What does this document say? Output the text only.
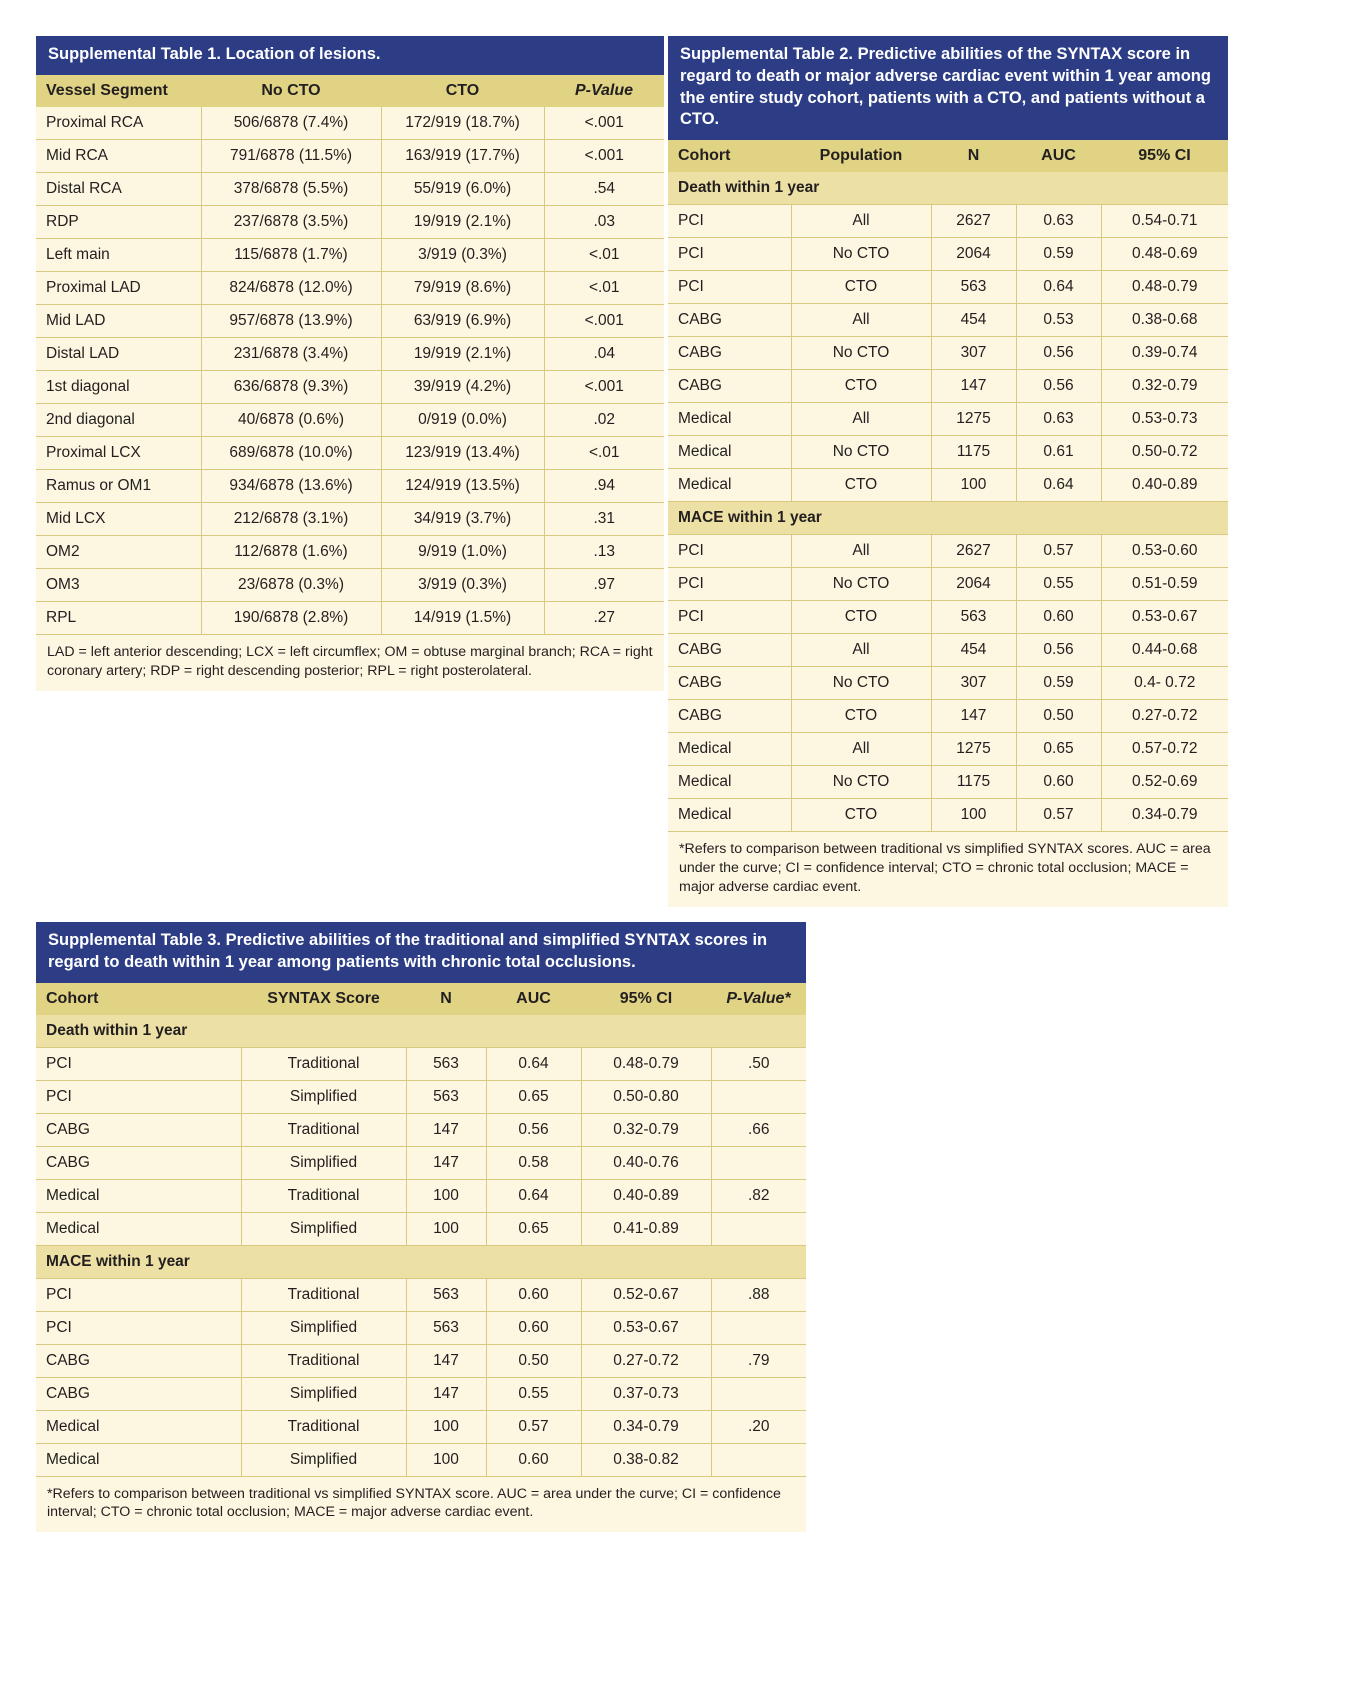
Supplemental Table 1. Location of lesions.
Vessel Segment	No CTO	CTO	P-Value
Proximal RCA	506/6878 (7.4%)	172/919 (18.7%)	<.001
Mid RCA	791/6878 (11.5%)	163/919 (17.7%)	<.001
Distal RCA	378/6878 (5.5%)	55/919 (6.0%)	.54
RDP	237/6878 (3.5%)	19/919 (2.1%)	.03
Left main	115/6878 (1.7%)	3/919 (0.3%)	<.01
Proximal LAD	824/6878 (12.0%)	79/919 (8.6%)	<.01
Mid LAD	957/6878 (13.9%)	63/919 (6.9%)	<.001
Distal LAD	231/6878 (3.4%)	19/919 (2.1%)	.04
1st diagonal	636/6878 (9.3%)	39/919 (4.2%)	<.001
2nd diagonal	40/6878 (0.6%)	0/919 (0.0%)	.02
Proximal LCX	689/6878 (10.0%)	123/919 (13.4%)	<.01
Ramus or OM1	934/6878 (13.6%)	124/919 (13.5%)	.94
Mid LCX	212/6878 (3.1%)	34/919 (3.7%)	.31
OM2	112/6878 (1.6%)	9/919 (1.0%)	.13
OM3	23/6878 (0.3%)	3/919 (0.3%)	.97
RPL	190/6878 (2.8%)	14/919 (1.5%)	.27
LAD = left anterior descending; LCX = left circumflex; OM = obtuse marginal branch; RCA = right coronary artery; RDP = right descending posterior; RPL = right posterolateral.
Supplemental Table 2. Predictive abilities of the SYNTAX score in regard to death or major adverse cardiac event within 1 year among the entire study cohort, patients with a CTO, and patients without a CTO.
Cohort	Population	N	AUC	95% CI
Death within 1 year				
PCI	All	2627	0.63	0.54-0.71
PCI	No CTO	2064	0.59	0.48-0.69
PCI	CTO	563	0.64	0.48-0.79
CABG	All	454	0.53	0.38-0.68
CABG	No CTO	307	0.56	0.39-0.74
CABG	CTO	147	0.56	0.32-0.79
Medical	All	1275	0.63	0.53-0.73
Medical	No CTO	1175	0.61	0.50-0.72
Medical	CTO	100	0.64	0.40-0.89
MACE within 1 year				
PCI	All	2627	0.57	0.53-0.60
PCI	No CTO	2064	0.55	0.51-0.59
PCI	CTO	563	0.60	0.53-0.67
CABG	All	454	0.56	0.44-0.68
CABG	No CTO	307	0.59	0.4- 0.72
CABG	CTO	147	0.50	0.27-0.72
Medical	All	1275	0.65	0.57-0.72
Medical	No CTO	1175	0.60	0.52-0.69
Medical	CTO	100	0.57	0.34-0.79
*Refers to comparison between traditional vs simplified SYNTAX scores. AUC = area under the curve; CI = confidence interval; CTO = chronic total occlusion; MACE = major adverse cardiac event.
Supplemental Table 3. Predictive abilities of the traditional and simplified SYNTAX scores in regard to death within 1 year among patients with chronic total occlusions.
Cohort	SYNTAX Score	N	AUC	95% CI	P-Value*
Death within 1 year					
PCI	Traditional	563	0.64	0.48-0.79	.50
PCI	Simplified	563	0.65	0.50-0.80	
CABG	Traditional	147	0.56	0.32-0.79	.66
CABG	Simplified	147	0.58	0.40-0.76	
Medical	Traditional	100	0.64	0.40-0.89	.82
Medical	Simplified	100	0.65	0.41-0.89	
MACE within 1 year					
PCI	Traditional	563	0.60	0.52-0.67	.88
PCI	Simplified	563	0.60	0.53-0.67	
CABG	Traditional	147	0.50	0.27-0.72	.79
CABG	Simplified	147	0.55	0.37-0.73	
Medical	Traditional	100	0.57	0.34-0.79	.20
Medical	Simplified	100	0.60	0.38-0.82	
*Refers to comparison between traditional vs simplified SYNTAX score. AUC = area under the curve; CI = confidence interval; CTO = chronic total occlusion; MACE = major adverse cardiac event.
